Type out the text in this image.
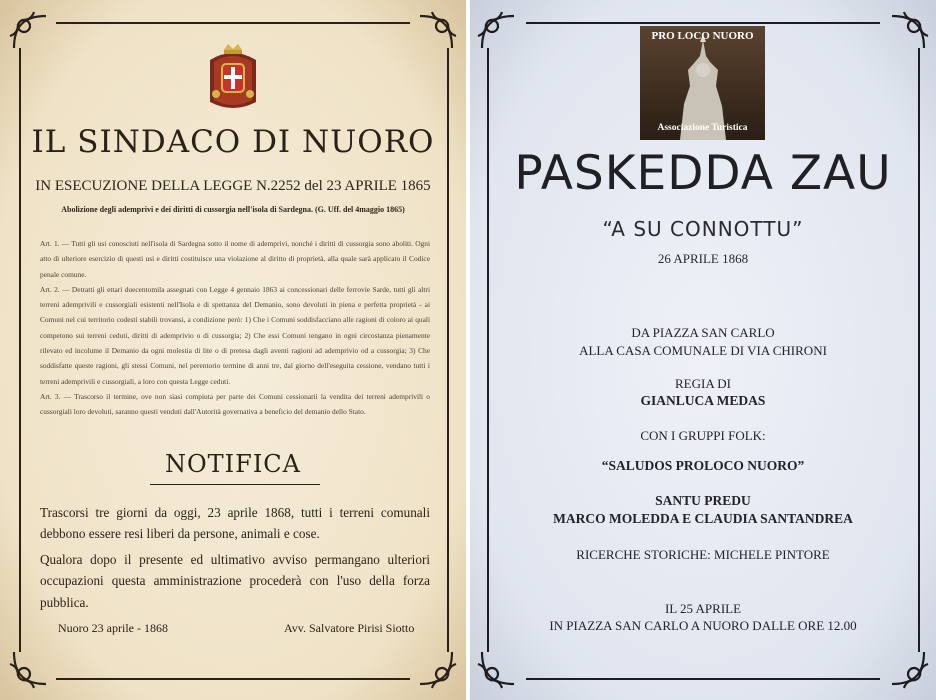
IL SINDACO DI NUORO
IN ESECUZIONE DELLA LEGGE N.2252 del 23 APRILE 1865
Abolizione degli ademprivi e dei diritti di cussorgia nell'isola di Sardegna. (G. Uff. del 4maggio 1865)

Art. 1. — Tutti gli usi conosciuti nell'isola di Sardegna sotto il nome di ademprivi, nonché i diritti di cussorgia sono aboliti. Ogni atto di ulteriore esercizio di questi usi e diritti costituisce una violazione al diritto di proprietà, alla quale sarà applicato il Codice penale comune.

Art. 2. — Detratti gli ettari duecentomila assegnati con Legge 4 gennaio 1863 ai concessionari delle ferrovie Sarde, tutti gli altri terreni ademprivili e cussorgiali esistenti nell'Isola e di spettanza del Demanio, sono devoluti in piena e perfetta proprietà - ai Comuni nel cui territorio codesti stabili trovansi, a condizione però: 1) Che i Comuni soddisfacciano alle ragioni di coloro ai quali competono sui terreni ceduti, diritti di ademprivio o di cussorgia; 2) Che essi Comuni tengano in ogni circostanza pienamente rilevato ed incolume il Demanio da ogni molestia di lite o di pretesa dagli aventi ragioni ad ademprivio od a cussorgia; 3) Che soddisfatte queste ragioni, gli stessi Comuni, nel perentorio termine di anni tre, dal giorno dell'eseguita cessione, vendano tutti i terreni ademprivili e cussorgiali, a loro con questa Legge ceduti.

Art. 3. — Trascorso il termine, ove non siasi compiuta per parte dei Comuni cessionarii la vendita dei terreni ademprivili o cussorgiali loro devoluti, saranno questi venduti dall'Autorità governativa a beneficio del demanio dello Stato.

NOTIFICA

Trascorsi tre giorni da oggi, 23 aprile 1868, tutti i terreni comunali debbono essere resi liberi da persone, animali e cose.

Qualora dopo il presente ed ultimativo avviso permangano ulteriori occupazioni questa amministrazione procederà con l'uso della forza pubblica.

Nuoro 23 aprile - 1868	Avv. Salvatore Pirisi Siotto
PRO LOCO NUORO
Associazione Turistica
PASKEDDA ZAU
“A SU CONNOTTU”
26 APRILE 1868
DA PIAZZA SAN CARLO
ALLA CASA COMUNALE DI VIA CHIRONI
REGIA DI
GIANLUCA MEDAS
CON I GRUPPI FOLK:
“SALUDOS PROLOCO NUORO”
SANTU PREDU
MARCO MOLEDDA E CLAUDIA SANTANDREA
RICERCHE STORICHE: MICHELE PINTORE
IL 25 APRILE
IN PIAZZA SAN CARLO A NUORO DALLE ORE 12.00
